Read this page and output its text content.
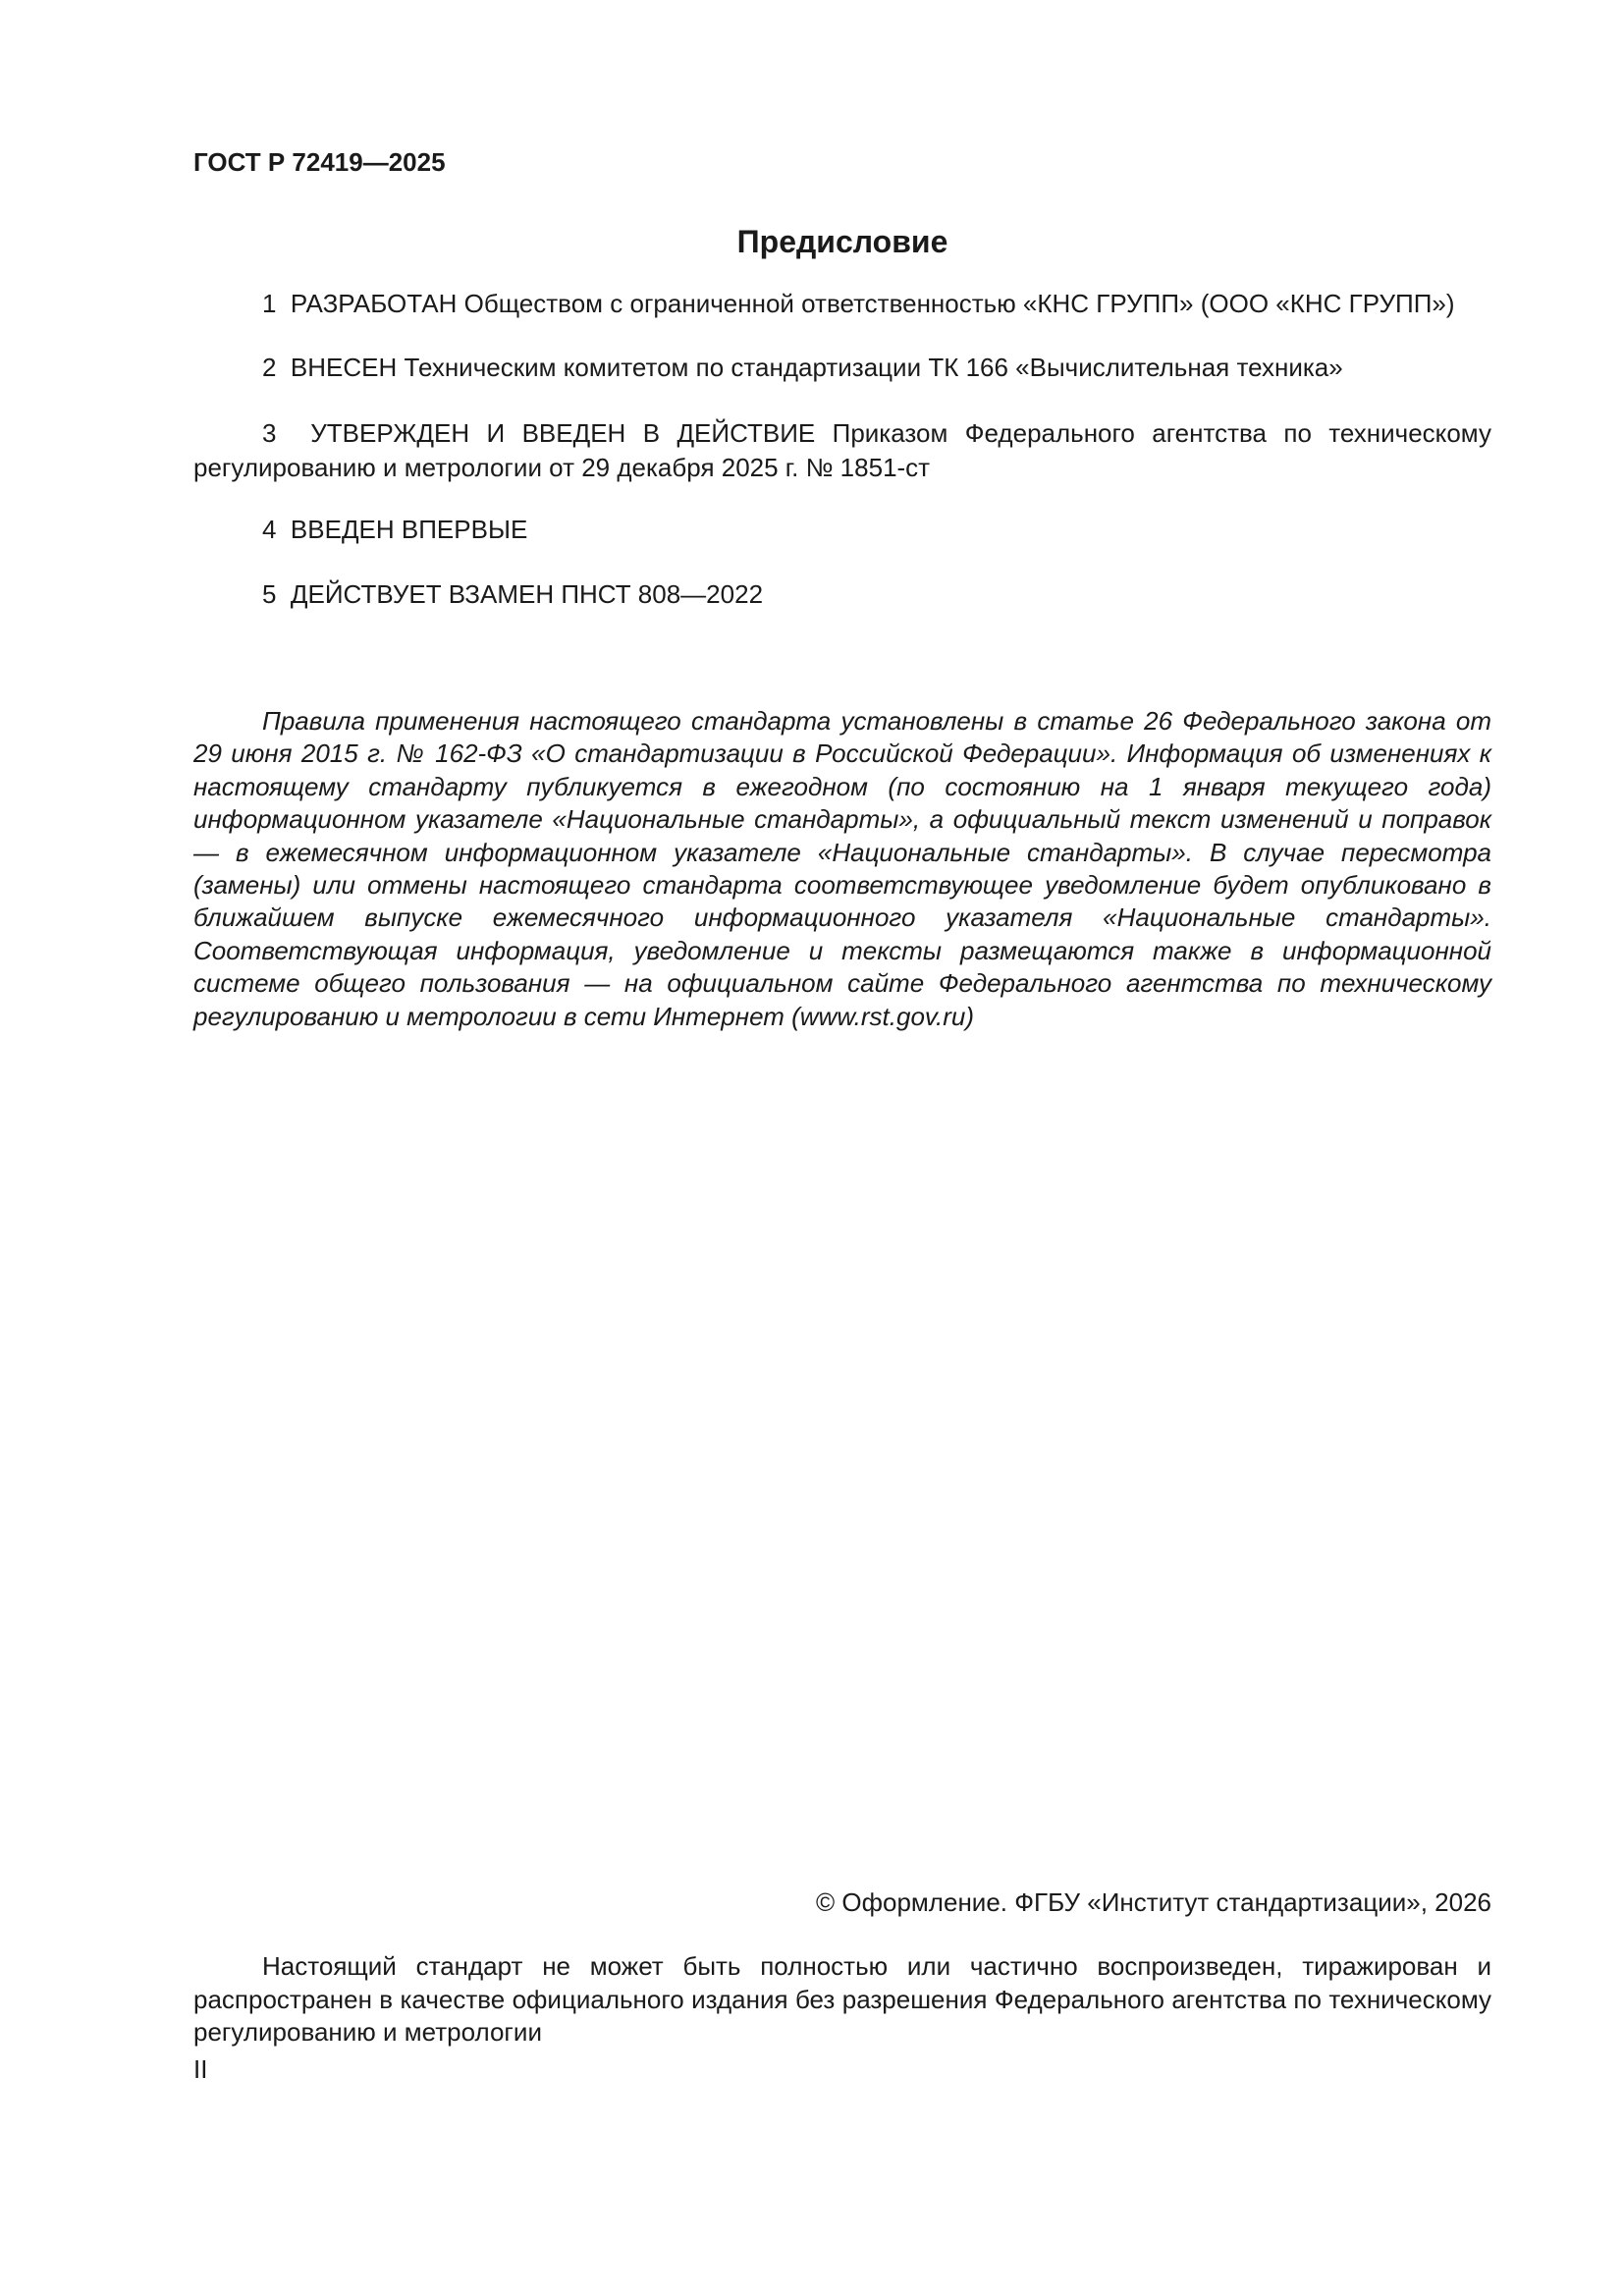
ГОСТ Р 72419—2025

Предисловие

1 РАЗРАБОТАН Обществом с ограниченной ответственностью «КНС ГРУПП» (ООО «КНС ГРУПП»)

2 ВНЕСЕН Техническим комитетом по стандартизации ТК 166 «Вычислительная техника»

3 УТВЕРЖДЕН И ВВЕДЕН В ДЕЙСТВИЕ Приказом Федерального агентства по техническому регулированию и метрологии от 29 декабря 2025 г. № 1851-ст

4 ВВЕДЕН ВПЕРВЫЕ

5 ДЕЙСТВУЕТ ВЗАМЕН ПНСТ 808—2022

Правила применения настоящего стандарта установлены в статье 26 Федерального закона от 29 июня 2015 г. № 162-ФЗ «О стандартизации в Российской Федерации». Информация об изменениях к настоящему стандарту публикуется в ежегодном (по состоянию на 1 января текущего года) информационном указателе «Национальные стандарты», а официальный текст изменений и поправок — в ежемесячном информационном указателе «Национальные стандарты». В случае пересмотра (замены) или отмены настоящего стандарта соответствующее уведомление будет опубликовано в ближайшем выпуске ежемесячного информационного указателя «Национальные стандарты». Соответствующая информация, уведомление и тексты размещаются также в информационной системе общего пользования — на официальном сайте Федерального агентства по техническому регулированию и метрологии в сети Интернет (www.rst.gov.ru)

© Оформление. ФГБУ «Институт стандартизации», 2026

Настоящий стандарт не может быть полностью или частично воспроизведен, тиражирован и распространен в качестве официального издания без разрешения Федерального агентства по техническому регулированию и метрологии

II
